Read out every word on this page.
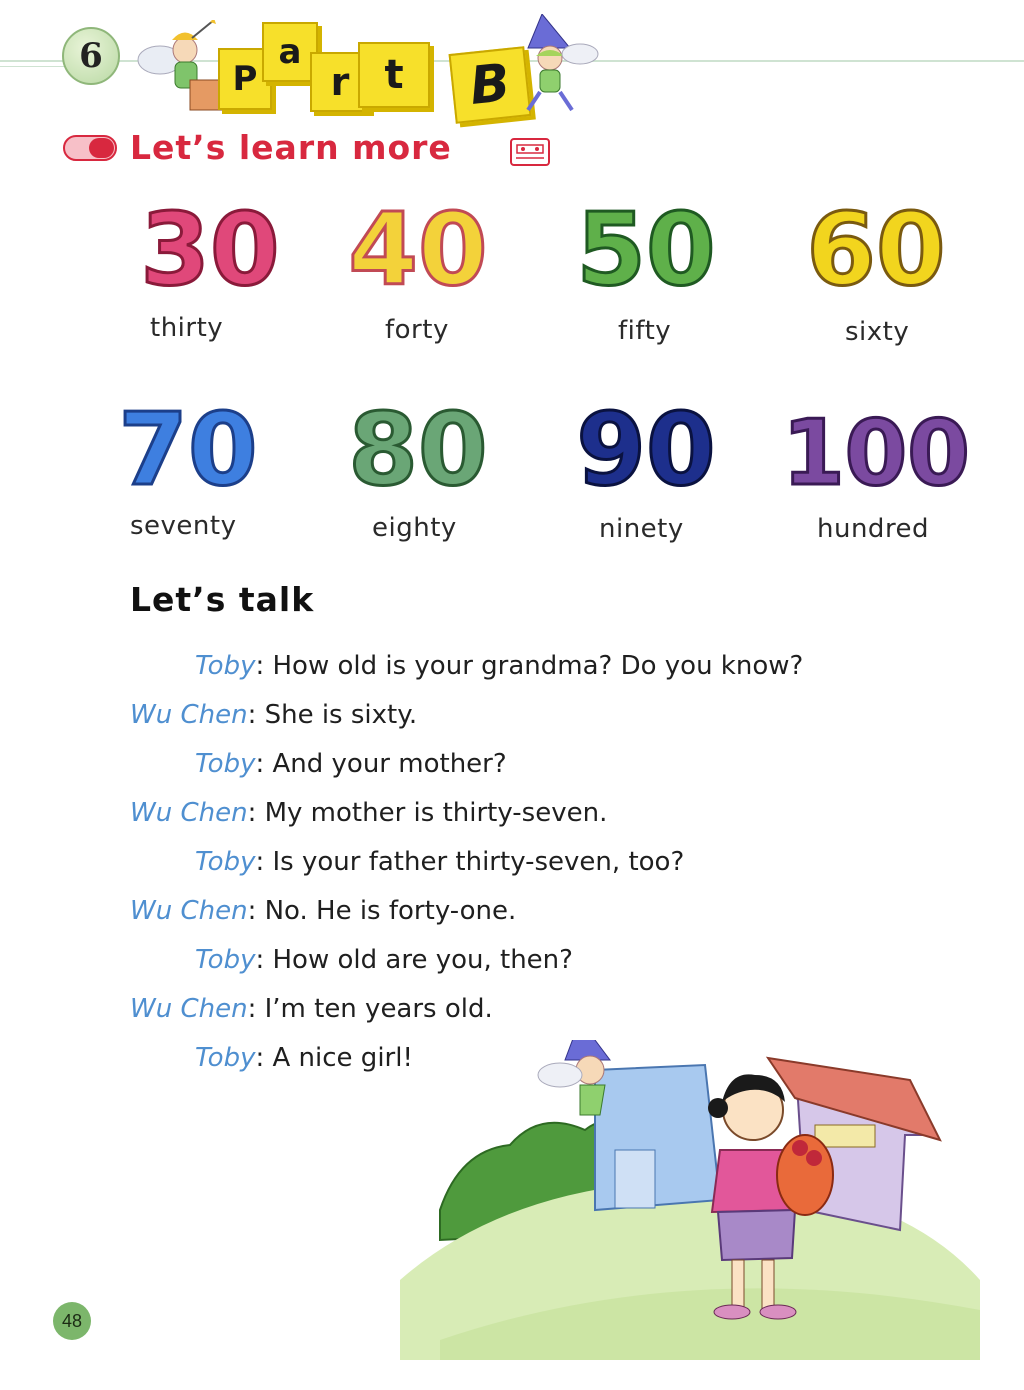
6
P
a
r t	B
Let’s learn more
30
thirty
40
forty
50
fifty
60
sixty
70
seventy
80
eighty
90
ninety
100
hundred
Let’s talk
Toby: How old is your grandma? Do you know?
Wu Chen: She is sixty.
Toby: And your mother?
Wu Chen: My mother is thirty-seven.
Toby: Is your father thirty-seven, too?
Wu Chen: No. He is forty-one.
Toby: How old are you, then?
Wu Chen: I’m ten years old.
Toby: A nice girl!
48
